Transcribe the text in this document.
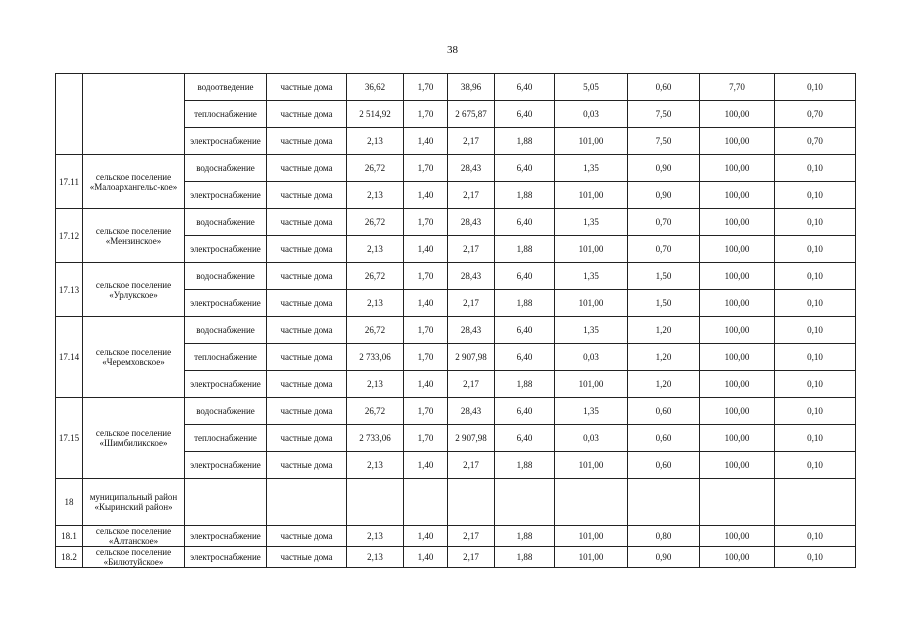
38
		водоотведение	частные дома	36,62	1,70	38,96	6,40	5,05	0,60	7,70	0,10
		теплоснабжение	частные дома	2 514,92	1,70	2 675,87	6,40	0,03	7,50	100,00	0,70
		электроснабжение	частные дома	2,13	1,40	2,17	1,88	101,00	7,50	100,00	0,70
17.11	сельское поселение «Малоархангельс-кое»	водоснабжение	частные дома	26,72	1,70	28,43	6,40	1,35	0,90	100,00	0,10
		электроснабжение	частные дома	2,13	1,40	2,17	1,88	101,00	0,90	100,00	0,10
17.12	сельское поселение «Мензинское»	водоснабжение	частные дома	26,72	1,70	28,43	6,40	1,35	0,70	100,00	0,10
		электроснабжение	частные дома	2,13	1,40	2,17	1,88	101,00	0,70	100,00	0,10
17.13	сельское поселение «Урлукское»	водоснабжение	частные дома	26,72	1,70	28,43	6,40	1,35	1,50	100,00	0,10
		электроснабжение	частные дома	2,13	1,40	2,17	1,88	101,00	1,50	100,00	0,10
17.14	сельское поселение «Черемховское»	водоснабжение	частные дома	26,72	1,70	28,43	6,40	1,35	1,20	100,00	0,10
		теплоснабжение	частные дома	2 733,06	1,70	2 907,98	6,40	0,03	1,20	100,00	0,10
		электроснабжение	частные дома	2,13	1,40	2,17	1,88	101,00	1,20	100,00	0,10
17.15	сельское поселение «Шимбиликское»	водоснабжение	частные дома	26,72	1,70	28,43	6,40	1,35	0,60	100,00	0,10
		теплоснабжение	частные дома	2 733,06	1,70	2 907,98	6,40	0,03	0,60	100,00	0,10
		электроснабжение	частные дома	2,13	1,40	2,17	1,88	101,00	0,60	100,00	0,10
18	муниципальный район «Кыринский район»										
18.1	сельское поселение «Алтанское»	электроснабжение	частные дома	2,13	1,40	2,17	1,88	101,00	0,80	100,00	0,10
18.2	сельское поселение «Билютуйское»	электроснабжение	частные дома	2,13	1,40	2,17	1,88	101,00	0,90	100,00	0,10
